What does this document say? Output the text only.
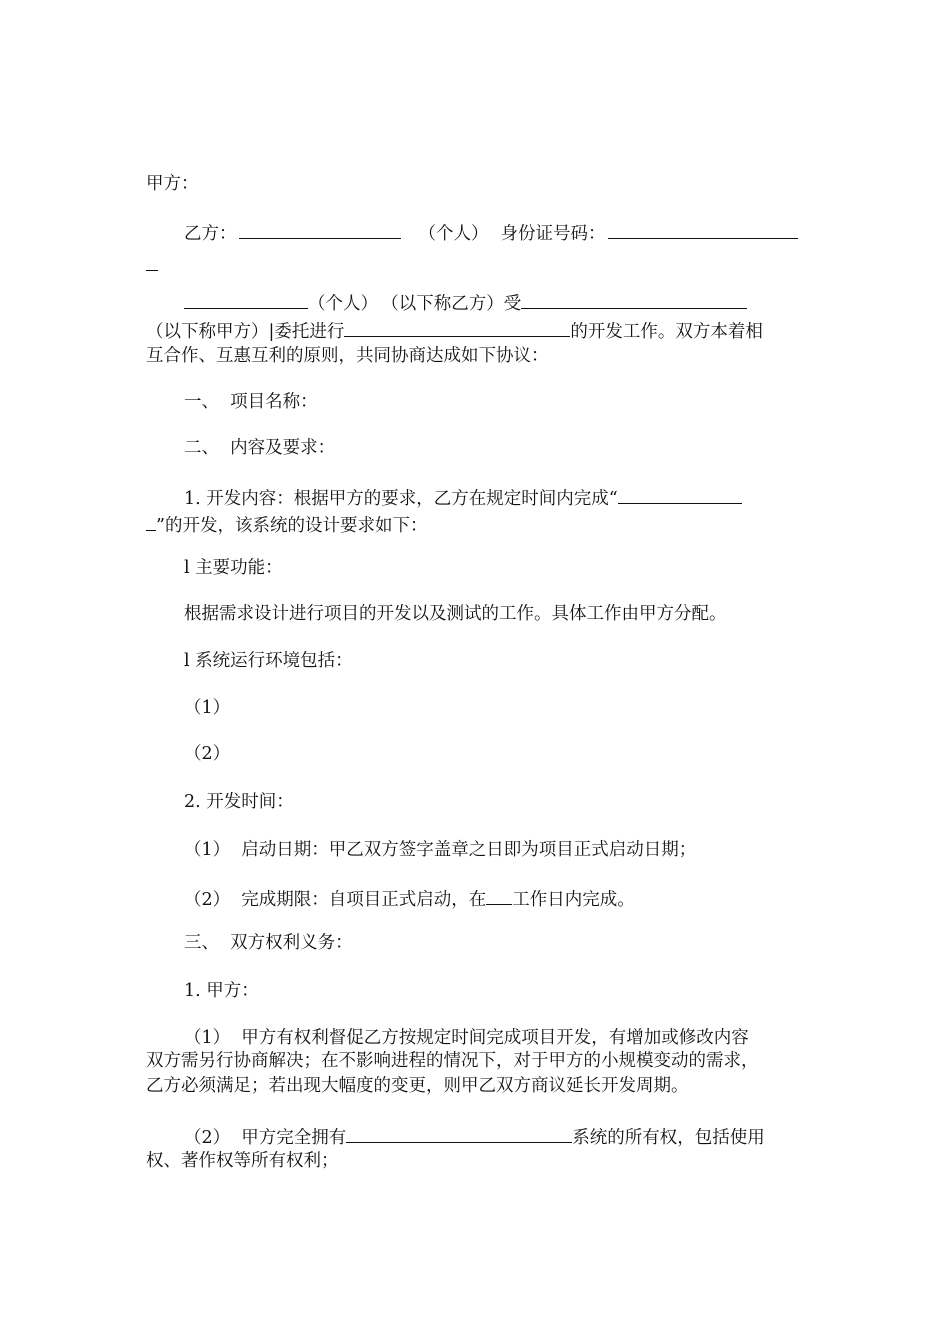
甲方：
乙方：	（个人） 身份证号码：
（个人） （以下称乙方）受
（以下称甲方）|委托进行	的开发工作。双方本着相
互合作、互惠互利的原则，共同协商达成如下协议：
一、  项目名称：
二、  内容及要求：
1. 开发内容：根据甲方的要求，乙方在规定时间内完成“
”的开发，该系统的设计要求如下：
l 主要功能：
根据需求设计进行项目的开发以及测试的工作。具体工作由甲方分配。
l 系统运行环境包括：
（1）
（2）
2. 开发时间：
（1）  启动日期：甲乙双方签字盖章之日即为项目正式启动日期；
（2）  完成期限：自项目正式启动，在 工作日内完成。
三、  双方权利义务：
1. 甲方：
（1）  甲方有权利督促乙方按规定时间完成项目开发，有增加或修改内容
双方需另行协商解决；在不影响进程的情况下，对于甲方的小规模变动的需求，
乙方必须满足；若出现大幅度的变更，则甲乙双方商议延长开发周期。
（2）  甲方完全拥有	系统的所有权，包括使用
权、著作权等所有权利；
